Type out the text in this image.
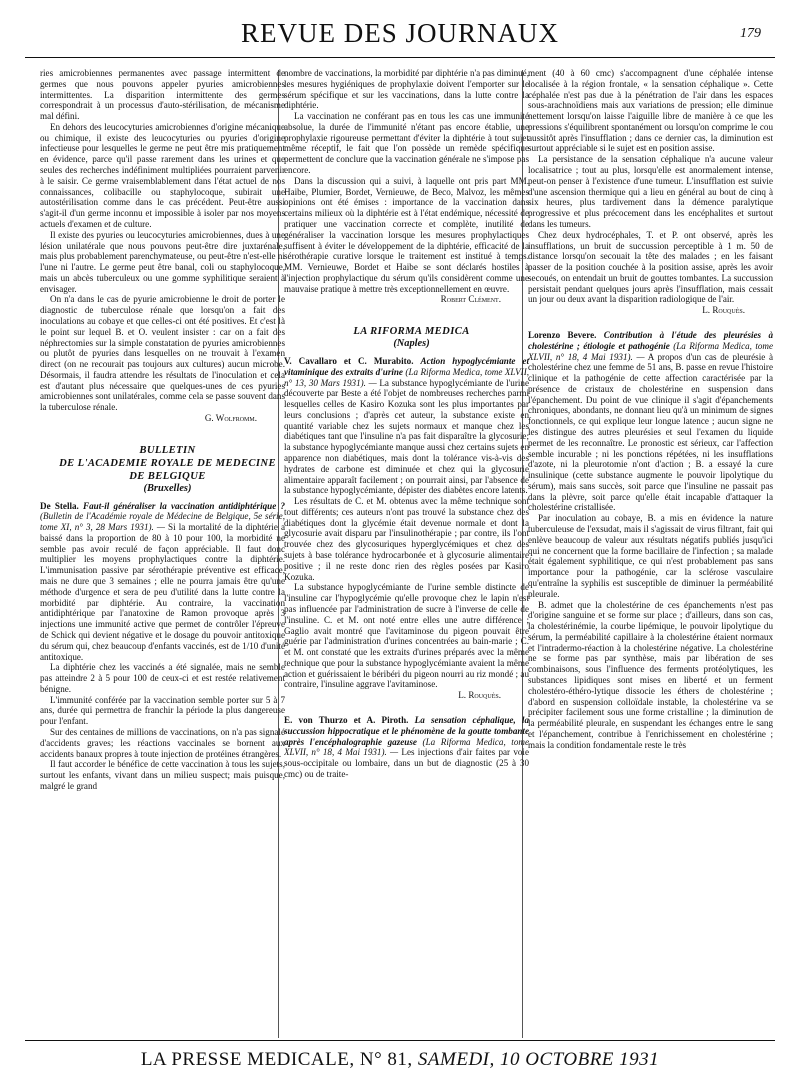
REVUE DES JOURNAUX	179

ries amicrobiennes permanentes avec passage intermittent de germes que nous pouvons appeler pyuries amicrobiennes intermittentes. La disparition intermittente des germes correspondrait à un processus d'auto-stérilisation, de mécanisme mal défini.

En dehors des leucocyturies amicrobiennes d'origine mécanique ou chimique, il existe des leucocyturies ou pyuries d'origine infectieuse pour lesquelles le germe ne peut être mis pratiquement en évidence, parce qu'il passe rarement dans les urines et que seules des recherches indéfiniment multipliées pourraient parvenir à le saisir. Ce germe vraisemblablement dans l'état actuel de nos connaissances, colibacille ou staphylocoque, subirait une autostérilisation comme dans le cas précédent. Peut-être aussi s'agit-il d'un germe inconnu et impossible à isoler par nos moyens actuels d'examen et de culture.

Il existe des pyuries ou leucocyturies amicrobiennes, dues à une lésion unilatérale que nous pouvons peut-être dire juxtarénale, mais plus probablement parenchymateuse, ou peut-être n'est-elle ni l'une ni l'autre. Le germe peut être banal, coli ou staphylocoque, mais un abcès tuberculeux ou une gomme syphilitique seraient à envisager.

On n'a dans le cas de pyurie amicrobienne le droit de porter le diagnostic de tuberculose rénale que lorsqu'on a fait des inoculations au cobaye et que celles-ci ont été positives. Et c'est là le point sur lequel B. et O. veulent insister : car on a fait des néphrectomies sur la simple constatation de pyuries amicrobiennes ou plutôt de pyuries dans lesquelles on ne trouvait à l'examen direct (on ne recourait pas toujours aux cultures) aucun microbe. Désormais, il faudra attendre les résultats de l'inoculation et cela est d'autant plus nécessaire que quelques-unes de ces pyuries amicrobiennes sont unilatérales, comme cela se passe souvent dans la tuberculose rénale.

G. Wolfromm.

BULLETIN

DE L'ACADEMIE ROYALE DE MEDECINE

DE BELGIQUE

(Bruxelles)

De Stella. Faut-il généraliser la vaccination antidiphtérique ? (Bulletin de l'Académie royale de Médecine de Belgique, 5e série, tome XI, n° 3, 28 Mars 1931). — Si la mortalité de la diphtérie a baissé dans la proportion de 80 à 10 pour 100, la morbidité ne semble pas avoir reculé de façon appréciable. Il faut donc multiplier les moyens prophylactiques contre la diphtérie. L'immunisation passive par sérothérapie préventive est efficace, mais ne dure que 3 semaines ; elle ne pourra jamais être qu'une méthode d'urgence et sera de peu d'utilité dans la lutte contre la morbidité par diphtérie. Au contraire, la vaccination antidiphtérique par l'anatoxine de Ramon provoque après 3 injections une immunité active que permet de contrôler l'épreuve de Schick qui devient négative et le dosage du pouvoir antitoxique du sérum qui, chez beaucoup d'enfants vaccinés, est de 1/10 d'unité antitoxique.

La diphtérie chez les vaccinés a été signalée, mais ne semble pas atteindre 2 à 5 pour 100 de ceux-ci et est restée relativement bénigne.

L'immunité conférée par la vaccination semble porter sur 5 à 7 ans, durée qui permettra de franchir la période la plus dangereuse pour l'enfant.

Sur des centaines de millions de vaccinations, on n'a pas signalé d'accidents graves; les réactions vaccinales se bornent aux accidents banaux propres à toute injection de protéines étrangères.

Il faut accorder le bénéfice de cette vaccination à tous les sujets, surtout les enfants, vivant dans un milieu suspect; mais puisque, malgré le grand

nombre de vaccinations, la morbidité par diphtérie n'a pas diminué, les mesures hygiéniques de prophylaxie doivent l'emporter sur le sérum spécifique et sur les vaccinations, dans la lutte contre la diphtérie.

La vaccination ne conférant pas en tous les cas une immunité absolue, la durée de l'immunité n'étant pas encore établie, une prophylaxie rigoureuse permettant d'éviter la diphtérie à tout sujet même réceptif, le fait que l'on possède un remède spécifique permettent de conclure que la vaccination générale ne s'impose pas encore.

Dans la discussion qui a suivi, à laquelle ont pris part MM. Haibe, Plumier, Bordet, Vernieuwe, de Beco, Malvoz, les mêmes opinions ont été émises : importance de la vaccination dans certains milieux où la diphtérie est à l'état endémique, nécessité de pratiquer une vaccination correcte et complète, inutilité de généraliser la vaccination lorsque les mesures prophylactiques suffisent à éviter le développement de la diphtérie, efficacité de la sérothérapie curative lorsque le traitement est institué à temps. MM. Vernieuwe, Bordet et Haibe se sont déclarés hostiles à l'injection prophylactique du sérum qu'ils considèrent comme une mauvaise pratique à mettre très exceptionnellement en œuvre.

Robert Clément.

LA RIFORMA MEDICA

(Naples)

V. Cavallaro et C. Murabito. Action hypoglycémiante et vitaminique des extraits d'urine (La Riforma Medica, tome XLVII, n° 13, 30 Mars 1931). — La substance hypoglycémiante de l'urine découverte par Beste a été l'objet de nombreuses recherches parmi lesquelles celles de Kasiro Kozuka sont les plus importantes par leurs conclusions ; d'après cet auteur, la substance existe en quantité variable chez les sujets normaux et manque chez les diabétiques tant que l'insuline n'a pas fait disparaître la glycosurie; la substance hypoglycémiante manque aussi chez certains sujets en apparence non diabétiques, mais dont la tolérance vis-à-vis des hydrates de carbone est diminuée et chez qui la glycosurie alimentaire apparaît facilement ; on pourrait ainsi, par l'absence de la substance hypoglycémiante, dépister des diabètes encore latents.

Les résultats de C. et M. obtenus avec la même technique sont tout différents; ces auteurs n'ont pas trouvé la substance chez des diabétiques dont la glycémie était devenue normale et dont la glycosurie avait disparu par l'insulinothérapie ; par contre, ils l'ont trouvée chez des glycosuriques hyperglycémiques et chez des sujets à base tolérance hydrocarbonée et à glycosurie alimentaire positive ; il ne reste donc rien des règles posées par Kasiro Kozuka.

La substance hypoglycémiante de l'urine semble distincte de l'insuline car l'hypoglycémie qu'elle provoque chez le lapin n'est pas influencée par l'administration de sucre à l'inverse de celle de l'insuline. C. et M. ont noté entre elles une autre différence ; Gaglio avait montré que l'avitaminose du pigeon pouvait être guérie par l'administration d'urines concentrées au bain-marie ; C. et M. ont constaté que les extraits d'urines préparés avec la même technique que pour la substance hypoglycémiante avaient la même action et guérissaient le béribéri du pigeon nourri au riz mondé ; au contraire, l'insuline aggrave l'avitaminose.

L. Rouquès.

E. von Thurzo et A. Piroth. La sensation céphalique, la succussion hippocratique et le phénomène de la goutte tombante après l'encéphalographie gazeuse (La Riforma Medica, tome XLVII, n° 18, 4 Mai 1931). — Les injections d'air faites par voie sous-occipitale ou lombaire, dans un but de diagnostic (25 à 30 cmc) ou de traite-

ment (40 à 60 cmc) s'accompagnent d'une céphalée intense localisée à la région frontale, « la sensation céphalique ». Cette céphalée n'est pas due à la pénétration de l'air dans les espaces sous-arachnoïdiens mais aux variations de pression; elle diminue nettement lorsqu'on laisse l'aiguille libre de manière à ce que les pressions s'équilibrent spontanément ou lorsqu'on comprime le cou aussitôt après l'insufflation ; dans ce dernier cas, la diminution est surtout appréciable si le sujet est en position assise.

La persistance de la sensation céphalique n'a aucune valeur localisatrice ; tout au plus, lorsqu'elle est anormalement intense, peut-on penser à l'existence d'une tumeur. L'insufflation est suivie d'une ascension thermique qui a lieu en général au bout de cinq à six heures, plus tardivement dans la démence paralytique progressive et plus précocement dans les encéphalites et surtout dans les tumeurs.

Chez deux hydrocéphales, T. et P. ont observé, après les insufflations, un bruit de succussion perceptible à 1 m. 50 de distance lorsqu'on secouait la tête des malades ; en les faisant passer de la position couchée à la position assise, après les avoir secoués, on entendait un bruit de gouttes tombantes. La succussion persistait pendant quelques jours après l'insufflation, mais cessait un jour ou deux avant la disparition radiologique de l'air.

L. Rouquès.

Lorenzo Bevere. Contribution à l'étude des pleurésies à cholestérine ; étiologie et pathogénie (La Riforma Medica, tome XLVII, n° 18, 4 Mai 1931). — A propos d'un cas de pleurésie à cholestérine chez une femme de 51 ans, B. passe en revue l'histoire clinique et la pathogénie de cette affection caractérisée par la présence de cristaux de cholestérine en suspension dans l'épanchement. Du point de vue clinique il s'agit d'épanchements chroniques, abondants, ne donnant lieu qu'à un minimum de signes fonctionnels, ce qui explique leur longue latence ; aucun signe ne les distingue des autres pleurésies et seul l'examen du liquide permet de les reconnaître. Le pronostic est sérieux, car l'affection semble incurable ; ni les ponctions répétées, ni les insufflations d'azote, ni la pleurotomie n'ont d'action ; B. a essayé la cure insulinique (cette substance augmente le pouvoir lipolytique du sérum), mais sans succès, soit parce que l'insuline ne passait pas dans la plèvre, soit parce qu'elle était incapable d'attaquer la cholestérine cristallisée.

Par inoculation au cobaye, B. a mis en évidence la nature tuberculeuse de l'exsudat, mais il s'agissait de virus filtrant, fait qui enlève beaucoup de valeur aux résultats négatifs publiés jusqu'ici qui ne concernent que la forme bacillaire de l'infection ; sa malade était également syphilitique, ce qui n'est probablement pas sans importance pour la pathogénie, car la sclérose vasculaire qu'entraîne la syphilis est susceptible de diminuer la perméabilité pleurale.

B. admet que la cholestérine de ces épanchements n'est pas d'origine sanguine et se forme sur place ; d'ailleurs, dans son cas, la cholestérinémie, la courbe lipémique, le pouvoir lipolytique du sérum, la perméabilité capillaire à la cholestérine étaient normaux et l'intradermo-réaction à la cholestérine négative. La cholestérine ne se forme pas par synthèse, mais par libération de ses combinaisons, sous l'influence des ferments protéolytiques, les substances lipidiques sont mises en liberté et un ferment cholestéro-éthéro-lytique dissocie les éthers de cholestérine ; d'abord en suspension colloïdale instable, la cholestérine va se précipiter facilement sous une forme cristalline ; la diminution de la perméabilité pleurale, en suspendant les échanges entre le sang et l'épanchement, contribue à l'enrichissement en cholestérine ; mais la condition fondamentale reste le très

LA PRESSE MEDICALE, N° 81, SAMEDI, 10 OCTOBRE 1931
